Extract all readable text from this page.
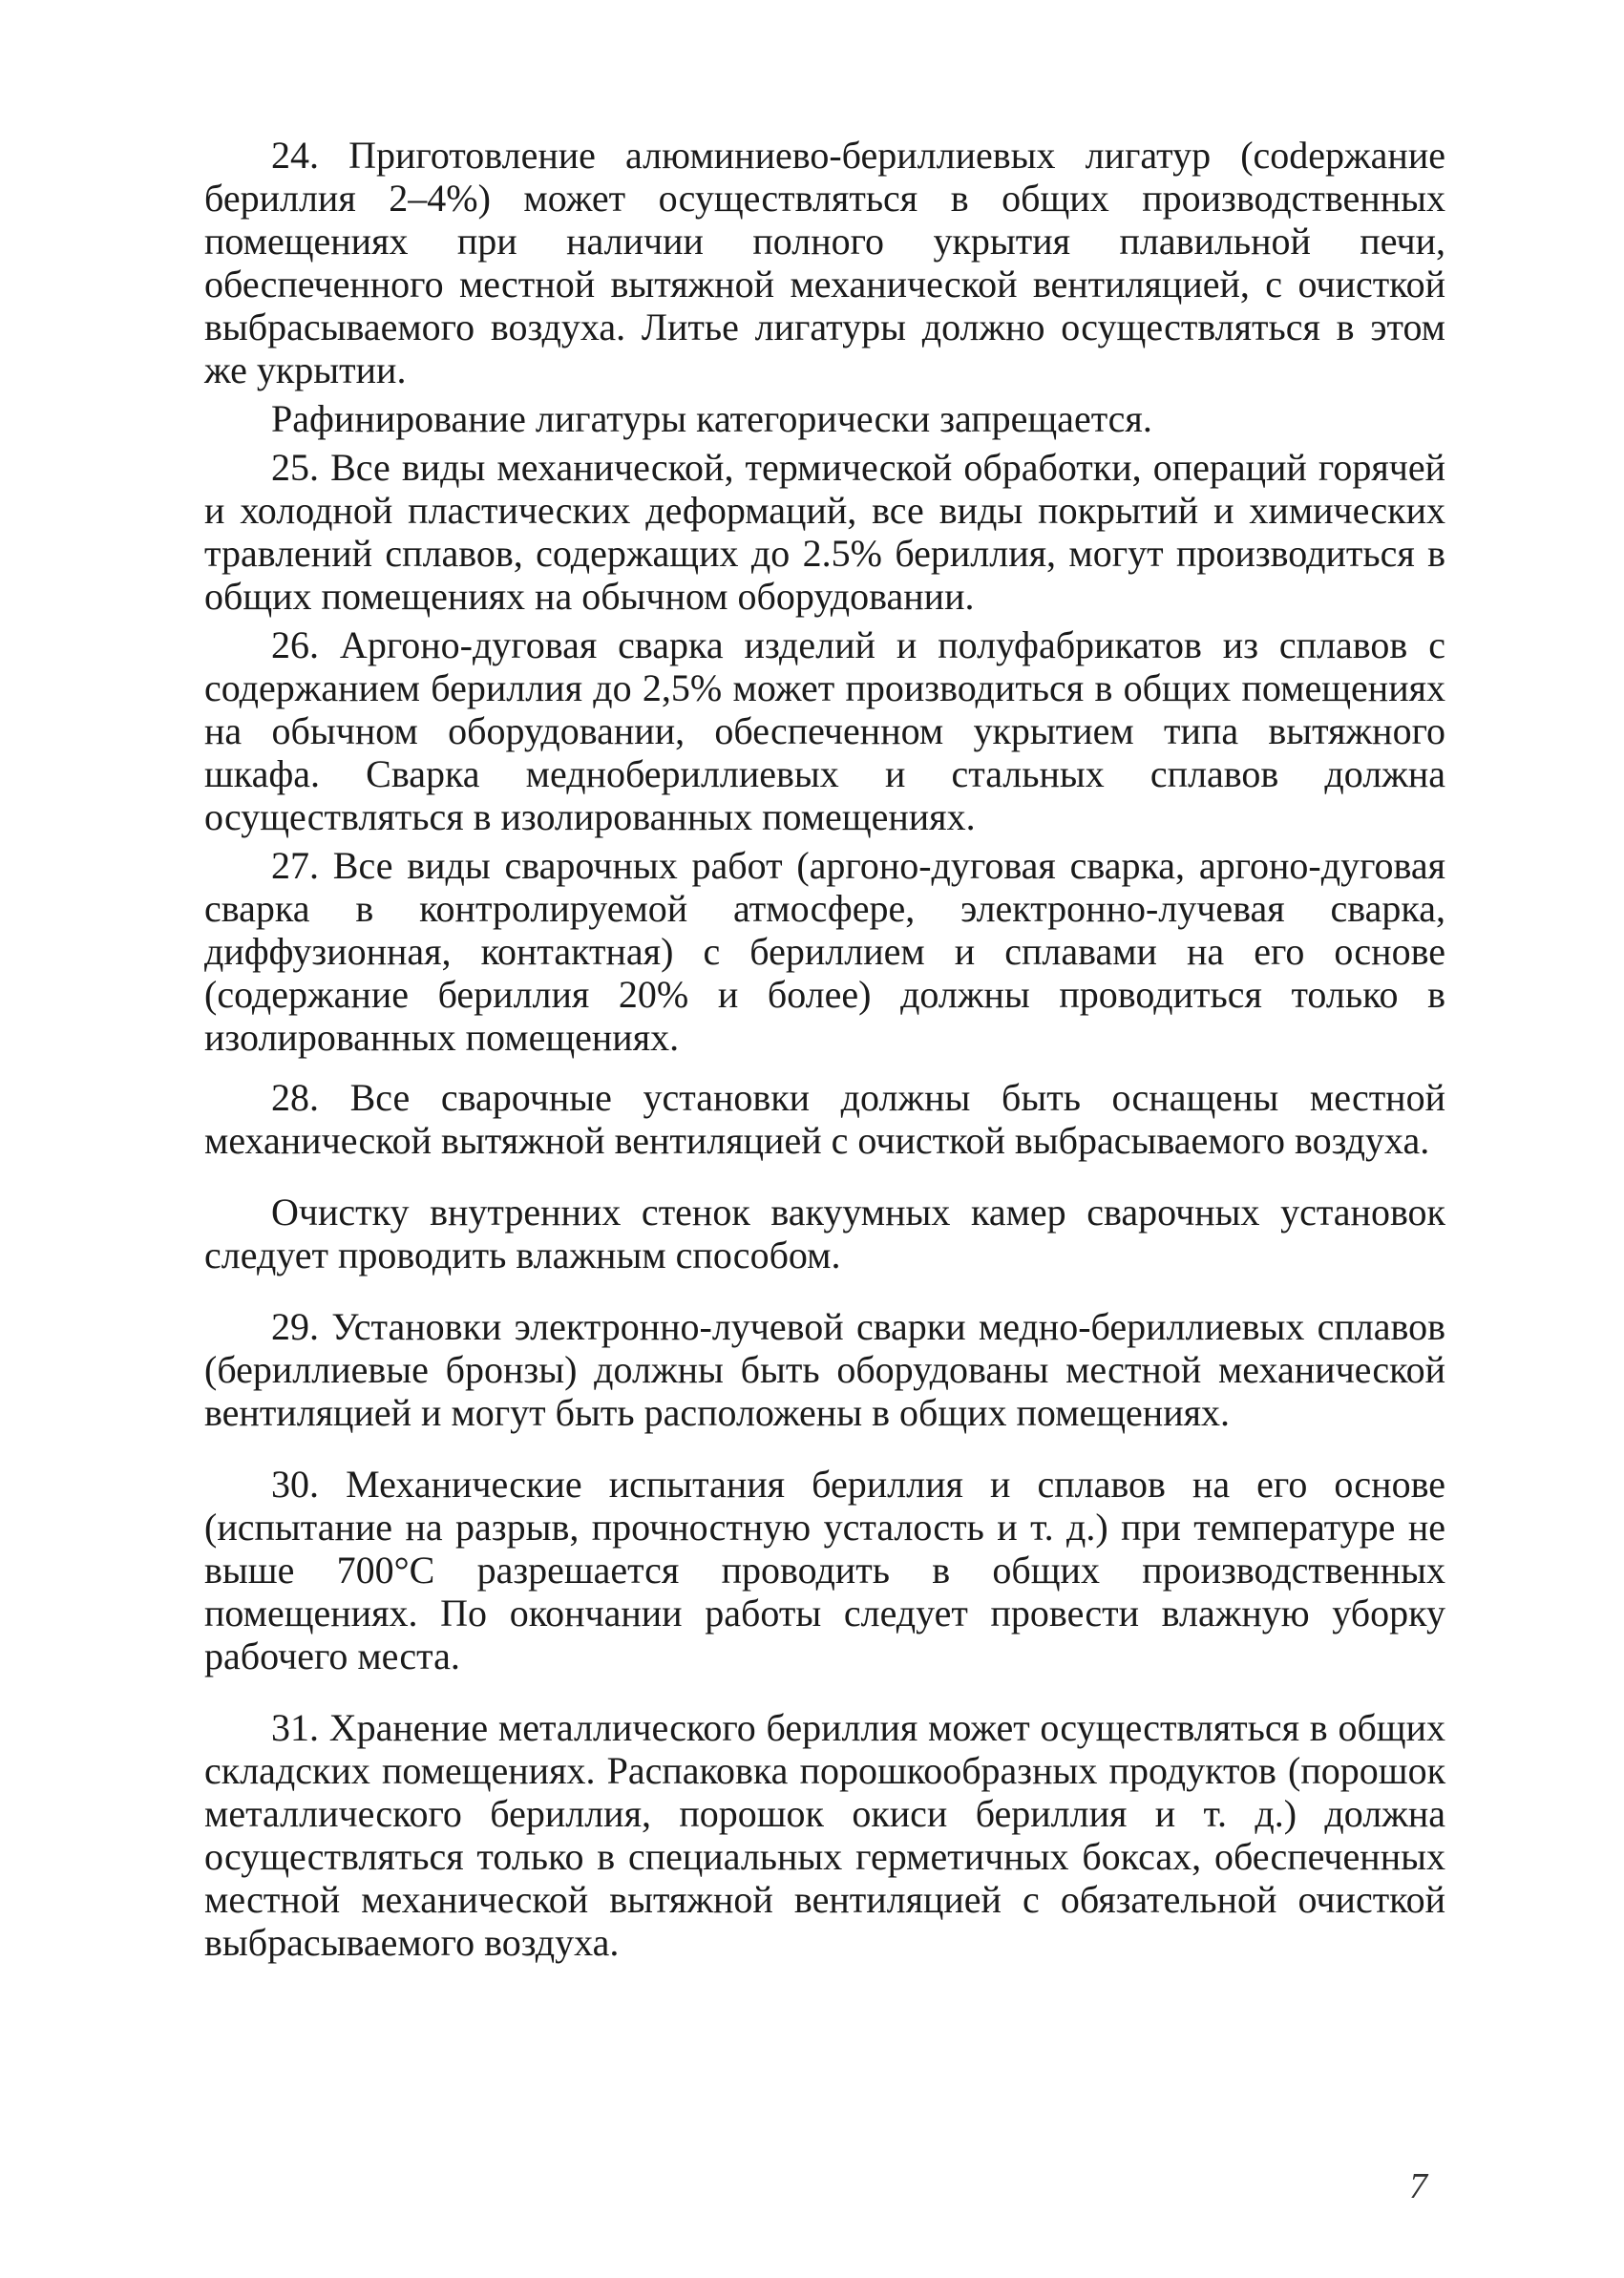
24. Приготовление алюминиево-бериллиевых лигатур (соdержание бериллия 2–4%) может осуществляться в общих производственных помещениях при наличии полного укрытия плавильной печи, обеспеченного местной вытяжной механической вентиляцией, с очисткой выбрасываемого воздуха. Литье лигатуры должно осуществляться в этом же укрытии.

Рафинирование лигатуры категорически запрещается.

25. Все виды механической, термической обработки, операций горячей и холодной пластических деформаций, все виды покрытий и химических травлений сплавов, содержащих до 2.5% бериллия, могут производиться в общих помещениях на обычном оборудовании.

26. Аргоно-дуговая сварка изделий и полуфабрикатов из сплавов с содержанием бериллия до 2,5% может производиться в общих помещениях на обычном оборудовании, обеспеченном укрытием типа вытяжного шкафа. Сварка меднобериллиевых и стальных сплавов должна осуществляться в изолированных помещениях.

27. Все виды сварочных работ (аргоно-дуговая сварка, аргоно-дуговая сварка в контролируемой атмосфере, электронно-лучевая сварка, диффузионная, контактная) с бериллием и сплавами на его основе (содержание бериллия 20% и более) должны проводиться только в изолированных помещениях.

28. Все сварочные установки должны быть оснащены местной механической вытяжной вентиляцией с очисткой выбрасываемого воздуха.

Очистку внутренних стенок вакуумных камер сварочных установок следует проводить влажным способом.

29. Установки электронно-лучевой сварки медно-бериллиевых сплавов (бериллиевые бронзы) должны быть оборудованы местной механической вентиляцией и могут быть расположены в общих помещениях.

30. Механические испытания бериллия и сплавов на его основе (испытание на разрыв, прочностную усталость и т. д.) при температуре не выше 700°С разрешается проводить в общих производственных помещениях. По окончании работы следует провести влажную уборку рабочего места.

31. Хранение металлического бериллия может осуществляться в общих складских помещениях. Распаковка порошкообразных продуктов (порошок металлического бериллия, порошок окиси бериллия и т. д.) должна осуществляться только в специальных герметичных боксах, обеспеченных местной механической вытяжной вентиляцией с обязательной очисткой выбрасываемого воздуха.

7
